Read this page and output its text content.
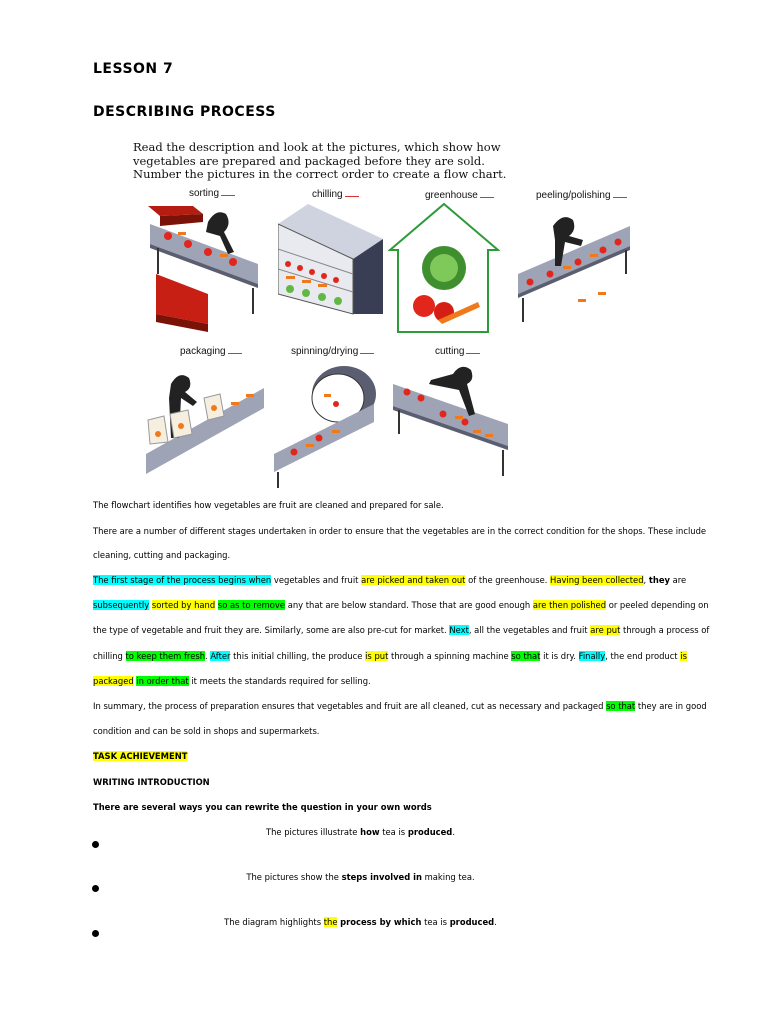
LESSON 7
DESCRIBING PROCESS
Read the description and look at the pictures, which show how vegetables are prepared and packaged before they are sold. Number the pictures in the correct order to create a flow chart.
sorting	chilling	greenhouse	peeling/polishing
packaging	spinning/drying	cutting
The flowchart identifies how vegetables are fruit are cleaned and prepared for sale.
There are a number of different stages undertaken in order to ensure that the vegetables are in the correct condition for the shops. These include
cleaning, cutting and packaging.
The first stage of the process begins when vegetables and fruit are picked and taken out of the greenhouse. Having been collected, they are
subsequently sorted by hand so as to remove any that are below standard. Those that are good enough are then polished or peeled depending on
the type of vegetable and fruit they are. Similarly, some are also pre-cut for market. Next, all the vegetables and fruit are put through a process of
chilling to keep them fresh. After this initial chilling, the produce is put through a spinning machine so that it is dry. Finally, the end product is
packaged in order that it meets the standards required for selling.
In summary, the process of preparation ensures that vegetables and fruit are all cleaned, cut as necessary and packaged so that they are in good
condition and can be sold in shops and supermarkets.
TASK ACHIEVEMENT
WRITING INTRODUCTION
There are several ways you can rewrite the question in your own words
The pictures illustrate how tea is produced.
The pictures show the steps involved in making tea.
The diagram highlights the process by which tea is produced.
